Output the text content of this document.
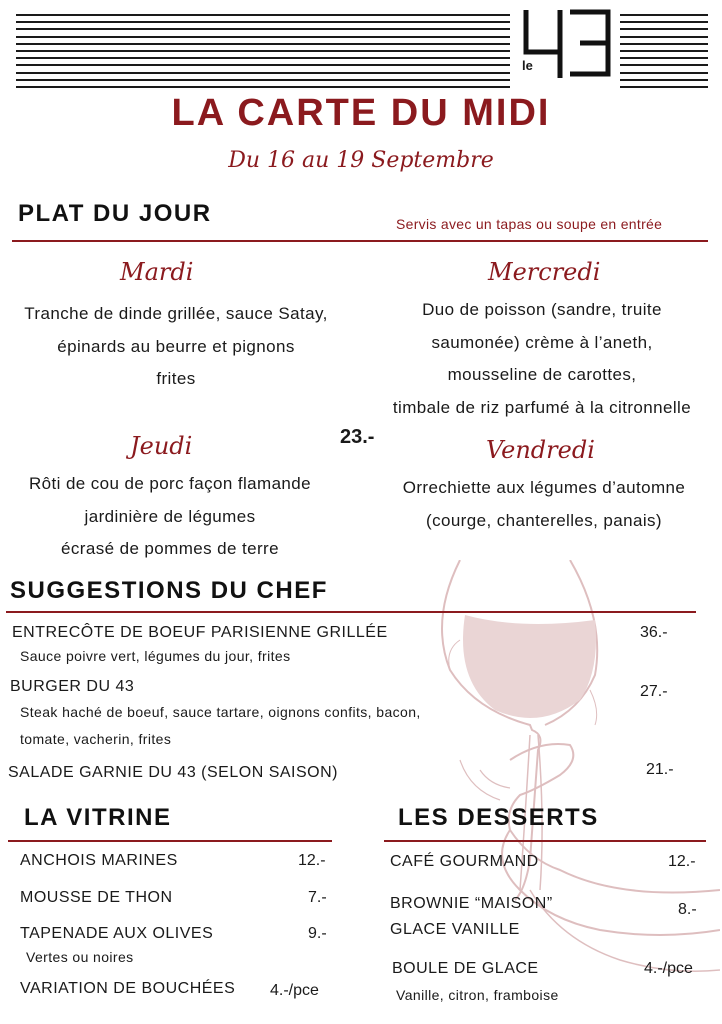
le
LA CARTE DU MIDI
Du 16 au 19 Septembre
PLAT DU JOUR	Servis avec un tapas ou soupe en entrée
Mardi
Tranche de dinde grillée, sauce Satay,
épinards au beurre et pignons
frites
Mercredi
Duo de poisson (sandre, truite
saumonée) crème à l’aneth,
mousseline de carottes,
timbale de riz parfumé à la citronnelle
23.-
Jeudi
Rôti de cou de porc façon flamande
jardinière de légumes
écrasé de pommes de terre
Vendredi
Orrechiette aux légumes d’automne
(courge, chanterelles, panais)
SUGGESTIONS DU CHEF
ENTRECÔTE DE BOEUF PARISIENNE GRILLÉE
Sauce poivre vert, légumes du jour, frites
36.-
BURGER DU 43
Steak haché de boeuf, sauce tartare, oignons confits, bacon,
tomate, vacherin, frites
27.-
SALADE GARNIE DU 43 (SELON SAISON)	21.-
LA VITRINE
ANCHOIS MARINES	12.-
MOUSSE DE THON	7.-
TAPENADE AUX OLIVES
Vertes ou noires
9.-
VARIATION DE BOUCHÉES 4.-/pce
LES DESSERTS
CAFÉ GOURMAND	12.-
BROWNIE “MAISON”
GLACE VANILLE
8.-
BOULE DE GLACE
Vanille, citron, framboise
4.-/pce
